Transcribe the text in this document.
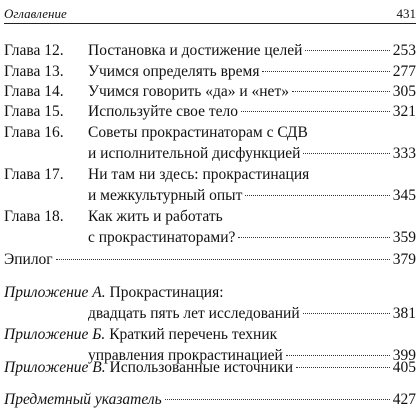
Оглавление	431
Глава 12.	Постановка и достижение целей	253
Глава 13.	Учимся определять время	277
Глава 14.	Учимся говорить «да» и «нет»	305
Глава 15.	Используйте свое тело	321
Глава 16.	Советы прокрастинаторам с СДВ
и исполнительной дисфункцией	333
Глава 17.	Ни там ни здесь: прокрастинация
и межкультурный опыт	345
Глава 18.	Как жить и работать
с прокрастинаторами?	359
Эпилог	379
Приложение А. Прокрастинация:
двадцать пять лет исследований	381
Приложение Б. Краткий перечень техник
управления прокрастинацией	399
Приложение В. Использованные источники	405
Предметный указатель	427
